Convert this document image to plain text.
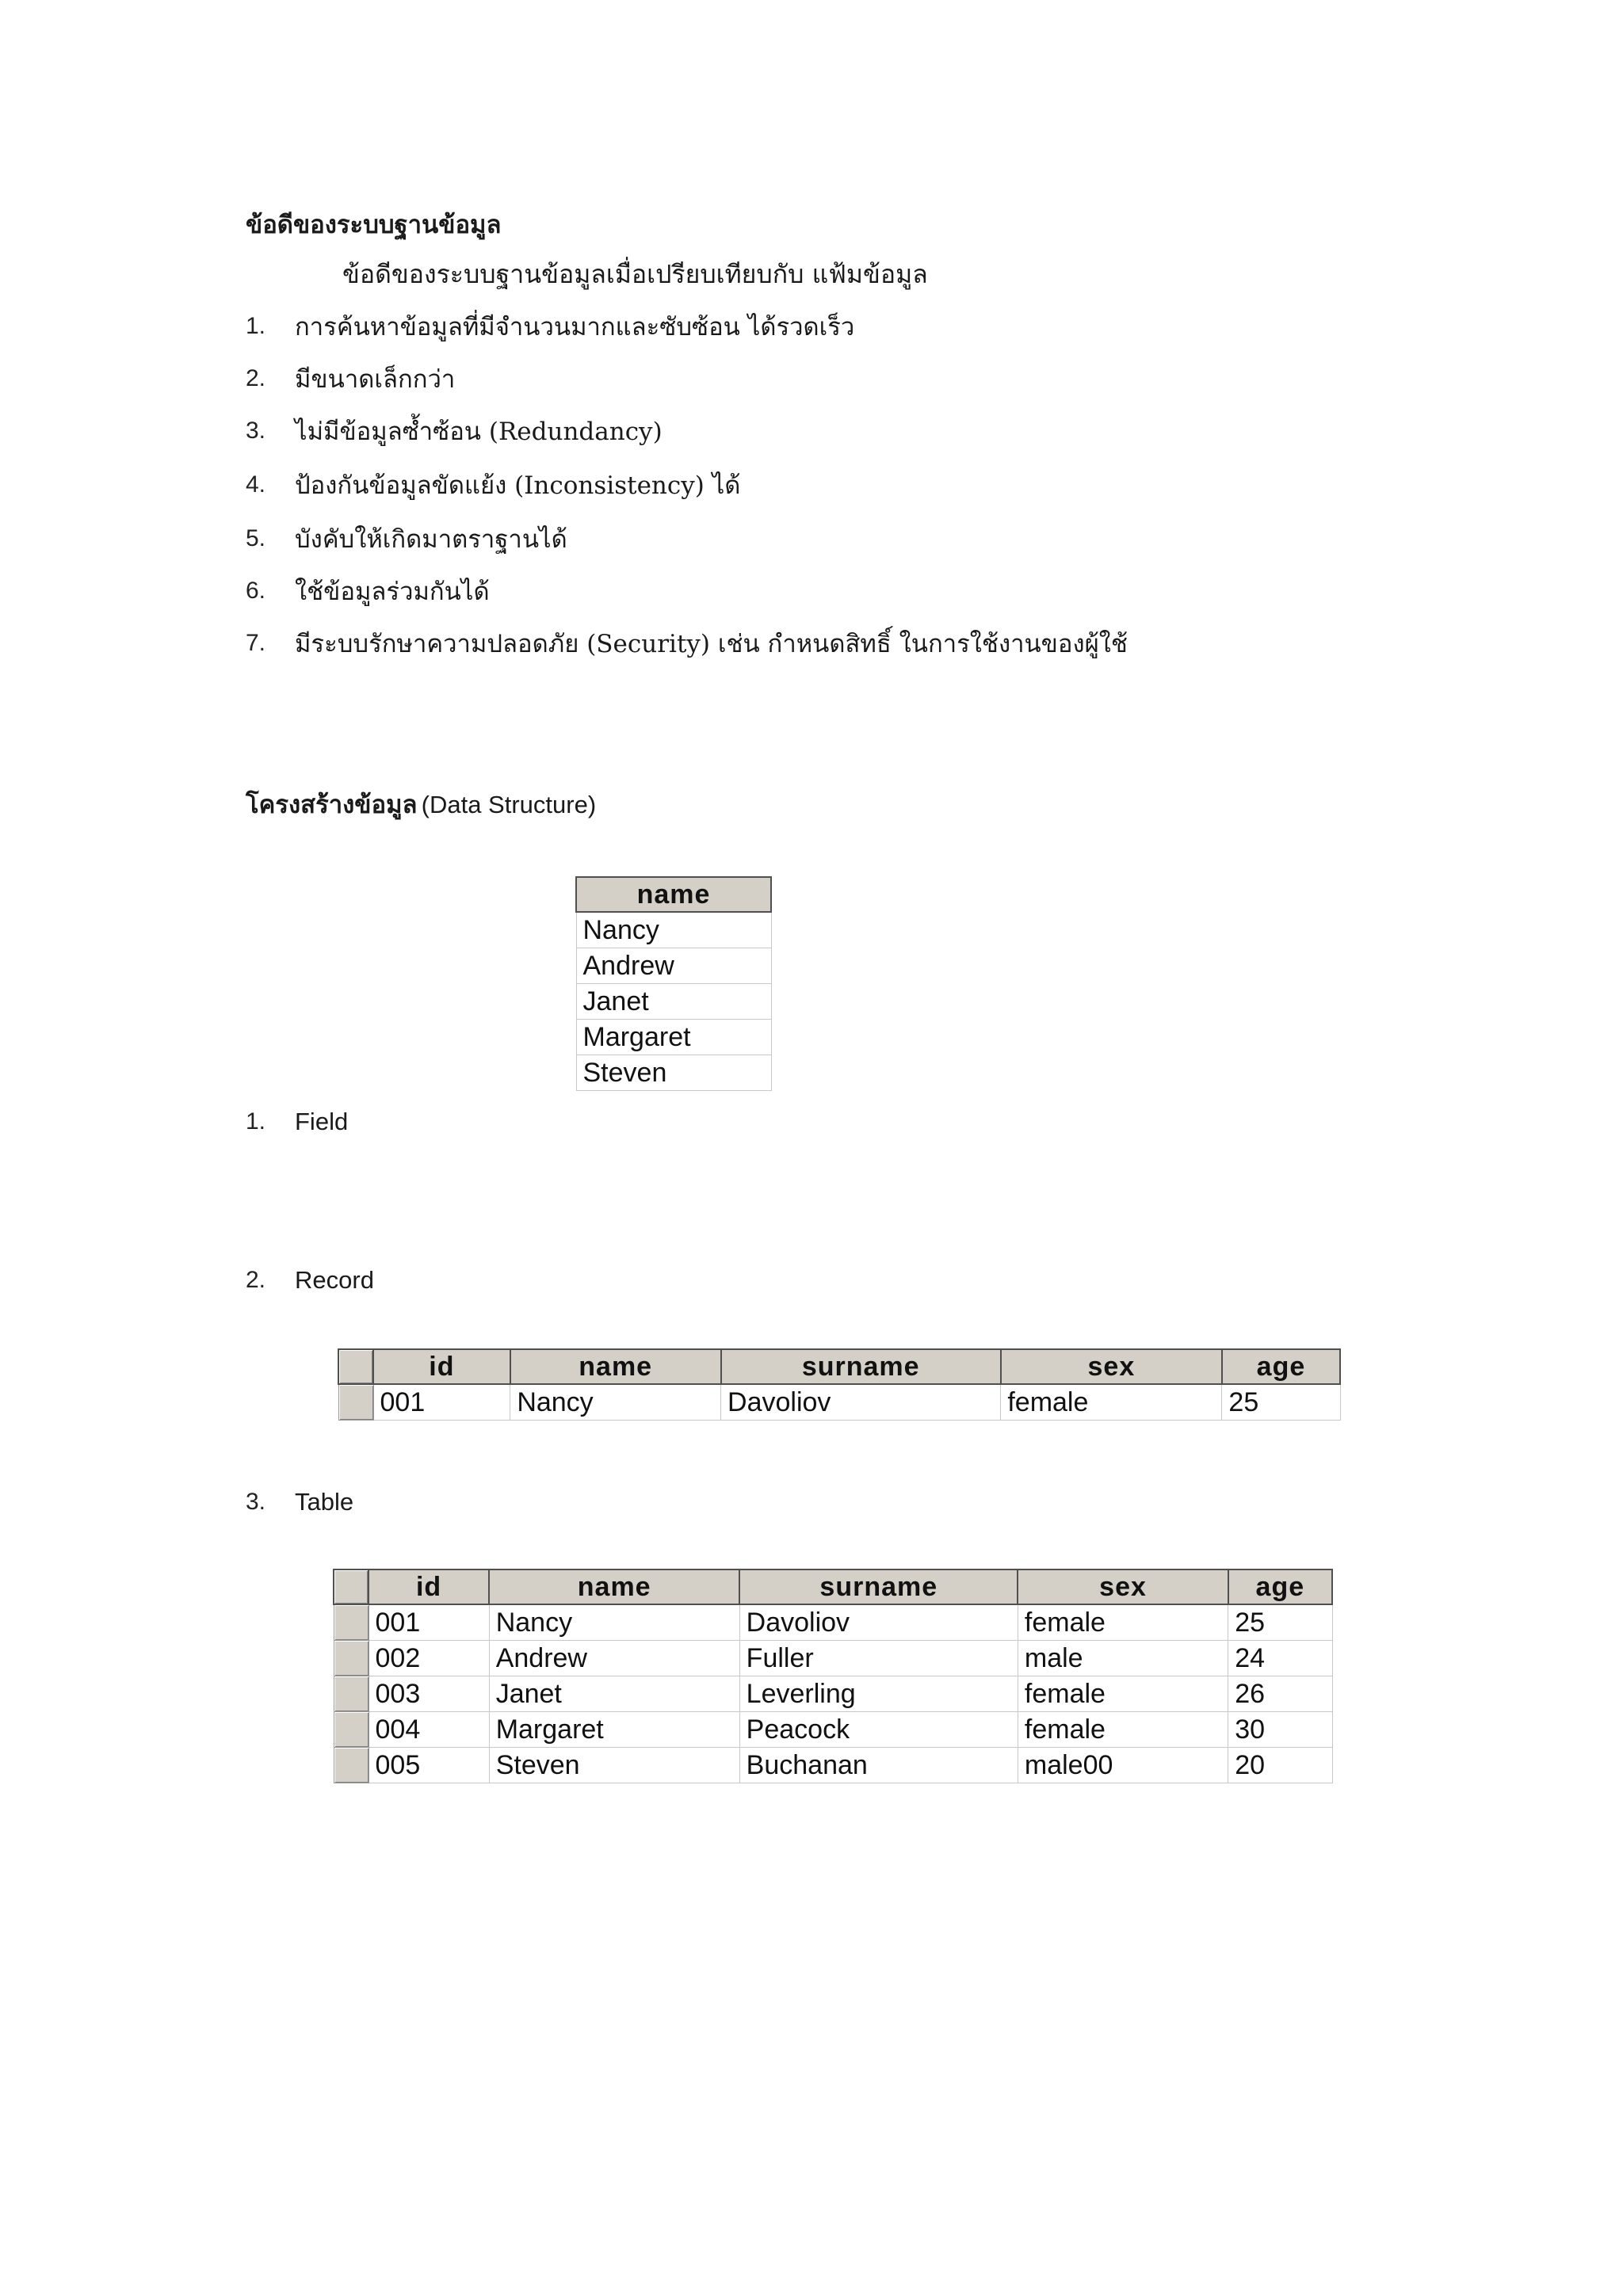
ข้อดีของระบบฐานข้อมูล
ข้อดีของระบบฐานข้อมูลเมื่อเปรียบเทียบกับ แฟ้มข้อมูล
1.	การค้นหาข้อมูลที่มีจำนวนมากและซับซ้อน ได้รวดเร็ว
2.	มีขนาดเล็กกว่า
3.	ไม่มีข้อมูลซ้ำซ้อน (Redundancy)
4.	ป้องกันข้อมูลขัดแย้ง (Inconsistency) ได้
5.	บังคับให้เกิดมาตราฐานได้
6.	ใช้ข้อมูลร่วมกันได้
7.	มีระบบรักษาความปลอดภัย (Security) เช่น กำหนดสิทธิ์ ในการใช้งานของผู้ใช้
โครงสร้างข้อมูล (Data Structure)
name
Nancy
Andrew
Janet
Margaret
Steven
1.	Field
2.	Record
	id	name	surname	sex	age
	001	Nancy	Davoliov	female	25
3.	Table
	id	name	surname	sex	age
	001	Nancy	Davoliov	female	25
	002	Andrew	Fuller	male	24
	003	Janet	Leverling	female	26
	004	Margaret	Peacock	female	30
	005	Steven	Buchanan	male00	20
